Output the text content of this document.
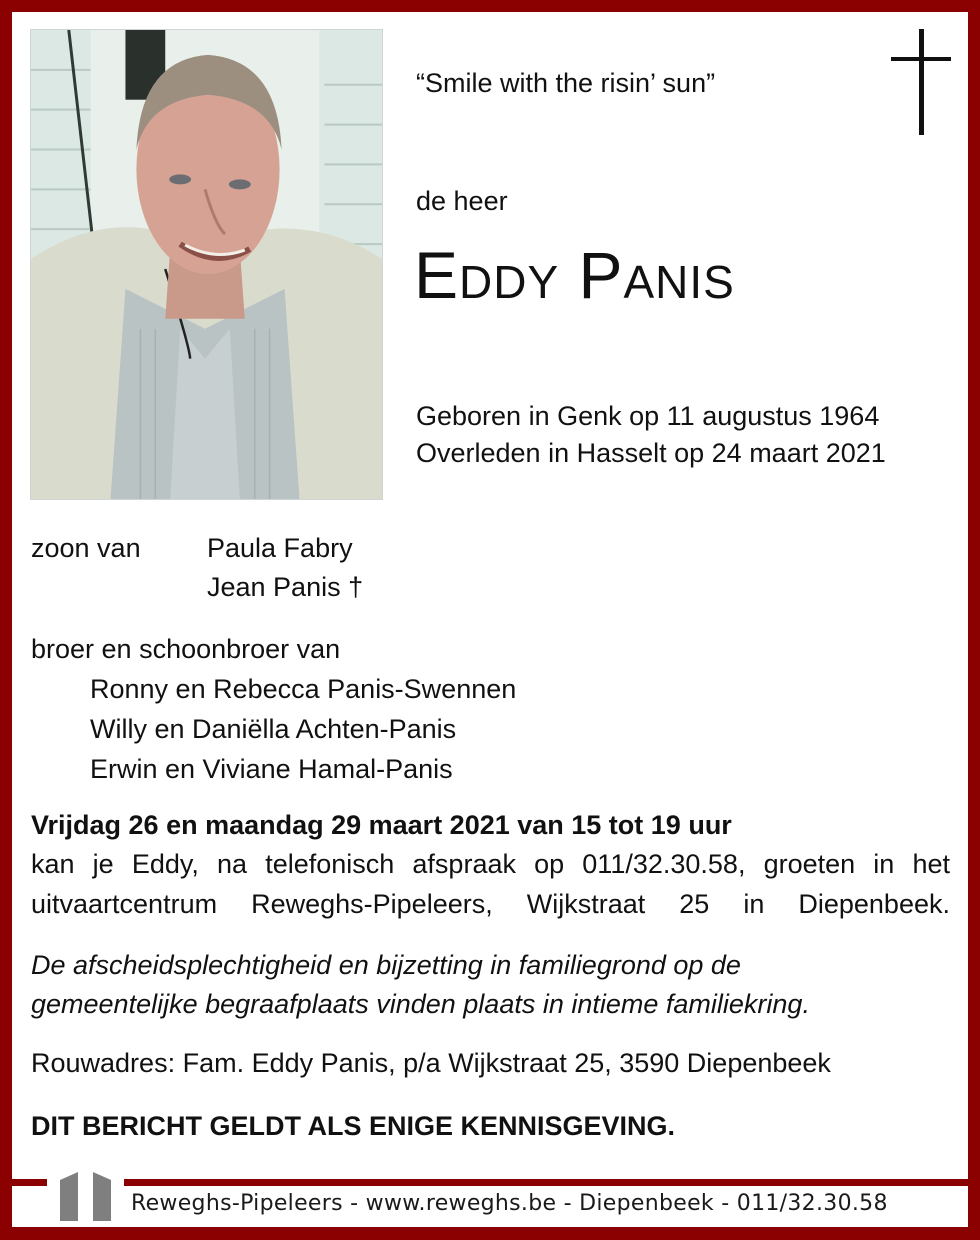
“Smile with the risin’ sun”
de heer
Eddy Panis
Geboren in Genk op 11 augustus 1964
Overleden in Hasselt op 24 maart 2021
zoon van Paula Fabry
Jean Panis †
broer en schoonbroer van
Ronny en Rebecca Panis-Swennen
Willy en Daniëlla Achten-Panis
Erwin en Viviane Hamal-Panis
Vrijdag 26 en maandag 29 maart 2021 van 15 tot 19 uur
kan je Eddy, na telefonisch afspraak op 011/32.30.58, groeten in het
uitvaartcentrum Reweghs-Pipeleers, Wijkstraat 25 in Diepenbeek.
De afscheidsplechtigheid en bijzetting in familiegrond op de
gemeentelijke begraafplaats vinden plaats in intieme familiekring.
Rouwadres: Fam. Eddy Panis, p/a Wijkstraat 25, 3590 Diepenbeek
DIT BERICHT GELDT ALS ENIGE KENNISGEVING.
Reweghs-Pipeleers - www.reweghs.be - Diepenbeek - 011/32.30.58
